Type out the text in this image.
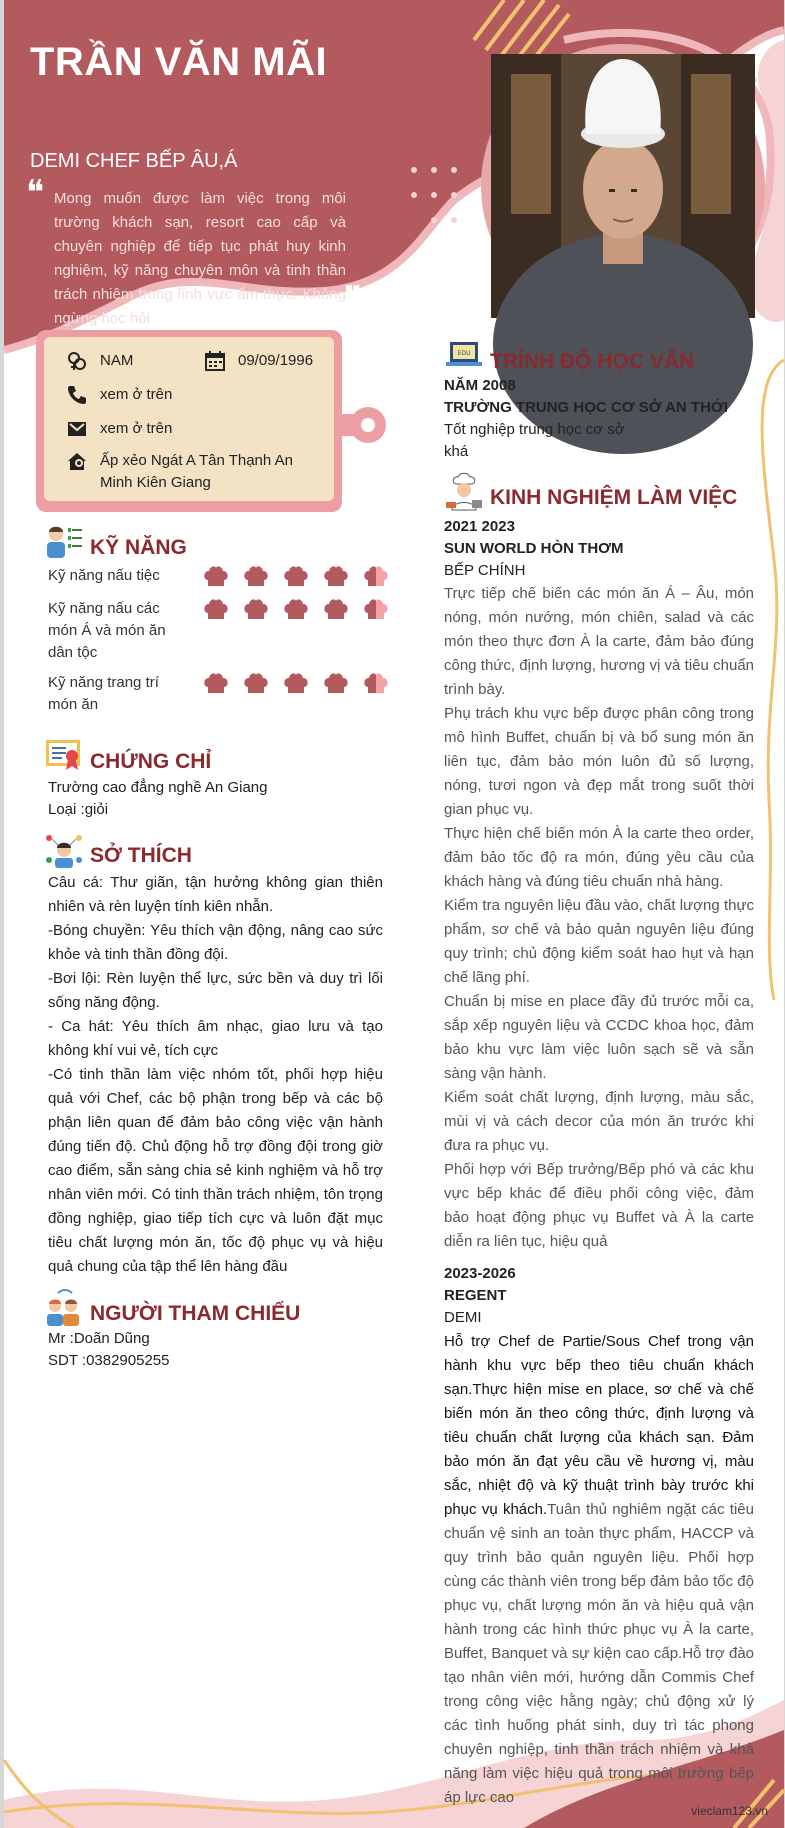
TRẦN VĂN MÃI
DEMI CHEF BẾP ÂU,Á
❝ Mong muốn được làm việc trong môi trường khách sạn, resort cao cấp và chuyên nghiệp để tiếp tục phát huy kinh nghiệm, kỹ năng chuyên môn và tinh thần trách nhiệm trong lĩnh vực ẩm thực. Không ngừng học hỏi	❞
NAM	09/09/1996
xem ở trên
xem ở trên
Ấp xẻo Ngát A Tân Thạnh An Minh Kiên Giang
KỸ NĂNG
Kỹ năng nấu tiệc
Kỹ năng nấu các món Á và món ăn dân tộc
Kỹ năng trang trí món ăn
CHỨNG CHỈ
Trường cao đẳng nghề An Giang
Loại :giỏi
SỞ THÍCH
Câu cá: Thư giãn, tận hưởng không gian thiên nhiên và rèn luyện tính kiên nhẫn.
-Bóng chuyền: Yêu thích vận động, nâng cao sức khỏe và tinh thần đồng đội.
-Bơi lội: Rèn luyện thể lực, sức bền và duy trì lối sống năng động.
- Ca hát: Yêu thích âm nhạc, giao lưu và tạo không khí vui vẻ, tích cực
-Có tinh thần làm việc nhóm tốt, phối hợp hiệu quả với Chef, các bộ phận trong bếp và các bộ phận liên quan để đảm bảo công việc vận hành đúng tiến độ. Chủ động hỗ trợ đồng đội trong giờ cao điểm, sẵn sàng chia sẻ kinh nghiệm và hỗ trợ nhân viên mới. Có tinh thần trách nhiệm, tôn trọng đồng nghiệp, giao tiếp tích cực và luôn đặt mục tiêu chất lượng món ăn, tốc độ phục vụ và hiệu quả chung của tập thể lên hàng đầu
NGƯỜI THAM CHIẾU
Mr :Doãn Dũng
SDT :0382905255
EDU TRÌNH ĐỘ HỌC VẤN
NĂM 2008
TRƯỜNG TRUNG HỌC CƠ SỞ AN THỚI
Tốt nghiệp trung học cơ sở
khá
KINH NGHIỆM LÀM VIỆC
2021 2023
SUN WORLD HÒN THƠM
BẾP CHÍNH
Trực tiếp chế biến các món ăn Á – Âu, món nóng, món nướng, món chiên, salad và các món theo thực đơn À la carte, đảm bảo đúng công thức, định lượng, hương vị và tiêu chuẩn trình bày.
Phụ trách khu vực bếp được phân công trong mô hình Buffet, chuẩn bị và bổ sung món ăn liên tục, đảm bảo món luôn đủ số lượng, nóng, tươi ngon và đẹp mắt trong suốt thời gian phục vụ.
Thực hiện chế biến món À la carte theo order, đảm bảo tốc độ ra món, đúng yêu cầu của khách hàng và đúng tiêu chuẩn nhà hàng.
Kiểm tra nguyên liệu đầu vào, chất lượng thực phẩm, sơ chế và bảo quản nguyên liệu đúng quy trình; chủ động kiểm soát hao hụt và hạn chế lãng phí.
Chuẩn bị mise en place đầy đủ trước mỗi ca, sắp xếp nguyên liệu và CCDC khoa học, đảm bảo khu vực làm việc luôn sạch sẽ và sẵn sàng vận hành.
Kiểm soát chất lượng, định lượng, màu sắc, mùi vị và cách decor của món ăn trước khi đưa ra phục vụ.
Phối hợp với Bếp trưởng/Bếp phó và các khu vực bếp khác để điều phối công việc, đảm bảo hoạt động phục vụ Buffet và À la carte diễn ra liên tục, hiệu quả
2023-2026
REGENT
DEMI
Hỗ trợ Chef de Partie/Sous Chef trong vận hành khu vực bếp theo tiêu chuẩn khách sạn.Thực hiện mise en place, sơ chế và chế biến món ăn theo công thức, định lượng và tiêu chuẩn chất lượng của khách sạn. Đảm bảo món ăn đạt yêu cầu về hương vị, màu sắc, nhiệt độ và kỹ thuật trình bày trước khi phục vụ khách.Tuân thủ nghiêm ngặt các tiêu chuẩn vệ sinh an toàn thực phẩm, HACCP và quy trình bảo quản nguyên liệu. Phối hợp cùng các thành viên trong bếp đảm bảo tốc độ phục vụ, chất lượng món ăn và hiệu quả vận hành trong các hình thức phục vụ À la carte, Buffet, Banquet và sự kiện cao cấp.Hỗ trợ đào tạo nhân viên mới, hướng dẫn Commis Chef trong công việc hằng ngày; chủ động xử lý các tình huống phát sinh, duy trì tác phong chuyên nghiệp, tinh thần trách nhiệm và khả năng làm việc hiệu quả trong môi trường bếp áp lực cao
vieclam123.vn
